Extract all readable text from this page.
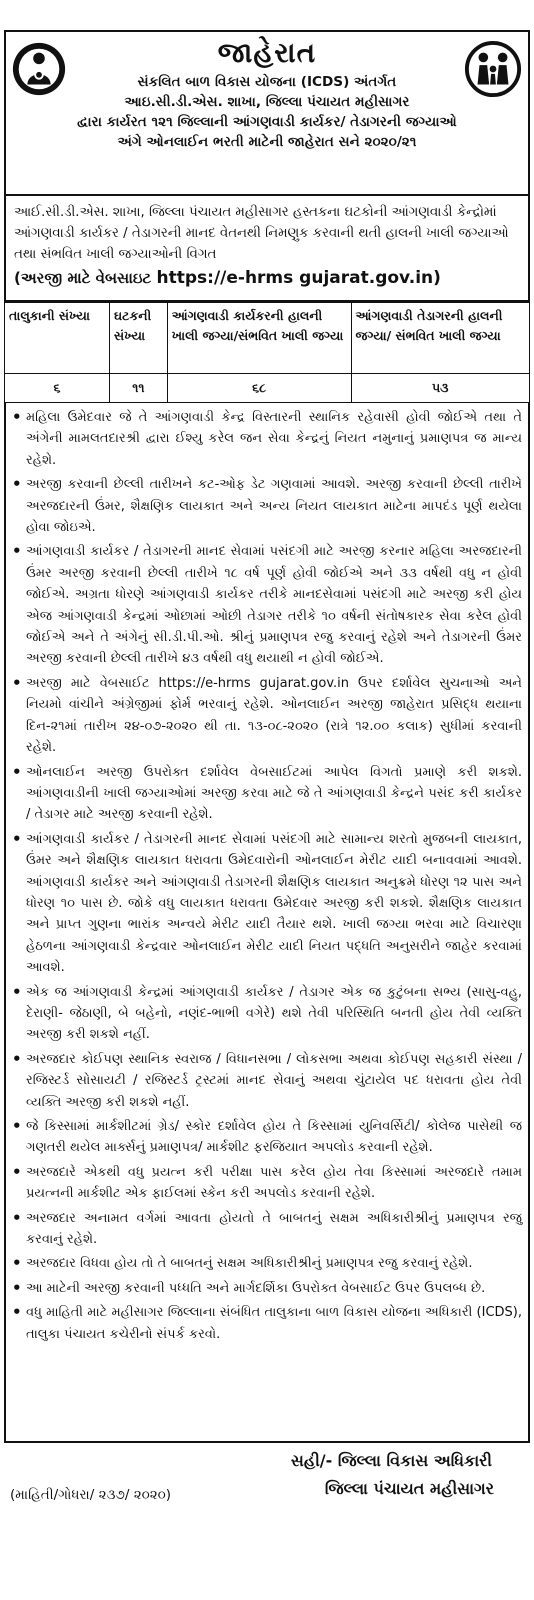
જાહેરાત
સંકલિત બાળ વિકાસ યોજના (ICDS) અંતર્ગત
આઇ.સી.ડી.એસ. શાખા, જિલ્લા પંચાયત મહીસાગર
દ્વારા કાર્યરત ૧૨૧ જિલ્લાની આંગણવાડી કાર્યકર/ તેડાગરની જગ્યાઓ
અંગે ઓનલાઈન ભરતી માટેની જાહેરાત સને ૨૦૨૦/૨૧
આઈ.સી.ડી.એસ. શાખા, જિલ્લા પંચાયત મહીસાગર હસ્તકના ઘટકોની આંગણવાડી કેન્દ્રોમાં આંગણવાડી કાર્યકર / તેડાગરની માનદ વેતનથી નિમણુક કરવાની થતી હાલની ખાલી જગ્યાઓ તથા સંભવિત ખાલી જગ્યાઓની વિગત
(અરજી માટે વેબસાઇટ https://e-hrms gujarat.gov.in)
તાલુકાની સંખ્યા	ઘટકની સંખ્યા	આંગણવાડી કાર્યકરની હાલની ખાલી જગ્યા/સંભવિત ખાલી જગ્યા	આંગણવાડી તેડાગરની હાલની જગ્યા/ સંભવિત ખાલી જગ્યા
૬	૧૧	૬૮	૫૩
• મહિલા ઉમેદવાર જે તે આંગણવાડી કેન્દ્ર વિસ્તારની સ્થાનિક રહેવાસી હોવી જોઈએ તથા તે અંગેની મામલતદારશ્રી દ્વારા ઈશ્યુ કરેલ જન સેવા કેન્દ્રનું નિયત નમુનાનું પ્રમાણપત્ર જ માન્ય રહેશે.
• અરજી કરવાની છેલ્લી તારીખને કટ-ઓફ ડેટ ગણવામાં આવશે. અરજી કરવાની છેલ્લી તારીખે અરજદારની ઉંમર, શૈક્ષણિક લાયકાત અને અન્ય નિયત લાયકાત માટેના માપદંડ પૂર્ણ થયેલા હોવા જોઇએ.
• આંગણવાડી કાર્યકર / તેડાગરની માનદ સેવામાં પસંદગી માટે અરજી કરનાર મહિલા અરજદારની ઉંમર અરજી કરવાની છેલ્લી તારીખે ૧૮ વર્ષ પૂર્ણ હોવી જોઈએ અને ૩૩ વર્ષથી વધુ ન હોવી જોઈએ. અગ્રતા ધોરણે આંગણવાડી કાર્યકર તરીકે માનદસેવામાં પસંદગી માટે અરજી કરી હોય એજ આંગણવાડી કેન્દ્રમાં ઓછામાં ઓછી તેડાગર તરીકે ૧૦ વર્ષની સંતોષકારક સેવા કરેલ હોવી જોઈએ અને તે અંગેનું સી.ડી.પી.ઓ. શ્રીનું પ્રમાણપત્ર રજુ કરવાનું રહેશે અને તેડાગરની ઉંમર અરજી કરવાની છેલ્લી તારીખે ૪૩ વર્ષથી વધુ થયાથી ન હોવી જોઈએ.
• અરજી માટે વેબસાઈટ https://e-hrms gujarat.gov.in ઉપર દર્શાવેલ સુચનાઓ અને નિયમો વાંચીને અંગ્રેજીમાં ફોર્મ ભરવાનું રહેશે. ઓનલાઈન અરજી જાહેરાત પ્રસિદ્ધ થયાના દિન-૨૧માં તારીખ ૨૪-૦૭-૨૦૨૦ થી તા. ૧૩-૦૮-૨૦૨૦ (રાત્રે ૧૨.૦૦ કલાક) સુધીમાં કરવાની રહેશે.
• ઓનલાઈન અરજી ઉપરોક્ત દર્શાવેલ વેબસાઈટમાં આપેલ વિગતો પ્રમાણે કરી શકશે. આંગણવાડીની ખાલી જગ્યાઓમાં અરજી કરવા માટે જે તે આંગણવાડી કેન્દ્રને પસંદ કરી કાર્યકર / તેડાગર માટે અરજી કરવાની રહેશે.
• આંગણવાડી કાર્યકર / તેડાગરની માનદ સેવામાં પસંદગી માટે સામાન્ય શરતો મુજબની લાયકાત, ઉંમર અને શૈક્ષણિક લાયકાત ધરાવતા ઉમેદવારોની ઓનલાઈન મેરીટ યાદી બનાવવામાં આવશે. આંગણવાડી કાર્યકર અને આંગણવાડી તેડાગરની શૈક્ષણિક લાયકાત અનુક્રમે ધોરણ ૧૨ પાસ અને ધોરણ ૧૦ પાસ છે. જોકે વધુ લાયકાત ધરાવતા ઉમેદવાર અરજી કરી શકશે. શૈક્ષણિક લાયકાત અને પ્રાપ્ત ગુણના ભારાંક અન્વયે મેરીટ યાદી તૈયાર થશે. ખાલી જગ્યા ભરવા માટે વિચારણા હેઠળના આંગણવાડી કેન્દ્રવાર ઓનલાઈન મેરીટ યાદી નિયત પદ્ધતિ અનુસરીને જાહેર કરવામાં આવશે.
• એક જ આંગણવાડી કેન્દ્રમાં આંગણવાડી કાર્યકર / તેડાગર એક જ કુટુંબના સભ્ય (સાસુ-વહુ, દેરાણી- જેઠાણી, બે બહેનો, નણંદ-ભાભી વગેરે) થશે તેવી પરિસ્થિતિ બનતી હોય તેવી વ્યક્તિ અરજી કરી શકશે નહીં.
• અરજદાર કોઈપણ સ્થાનિક સ્વરાજ / વિધાનસભા / લોકસભા અથવા કોઈપણ સહકારી સંસ્થા / રજિસ્ટર્ડ સોસાયટી / રજિસ્ટર્ડ ટ્રસ્ટમાં માનદ સેવાનું અથવા ચુંટાયેલ પદ ધરાવતા હોય તેવી વ્યક્તિ અરજી કરી શકશે નહીં.
• જે કિસ્સામાં માર્કશીટમાં ગ્રેડ/ સ્કોર દર્શાવેલ હોય તે કિસ્સામાં યુનિવર્સિટી/ કોલેજ પાસેથી જ ગણતરી થયેલ માર્ક્સનું પ્રમાણપત્ર/ માર્કશીટ ફરજિયાત અપલોડ કરવાની રહેશે.
• અરજદારે એકથી વધુ પ્રયત્ન કરી પરીક્ષા પાસ કરેલ હોય તેવા કિસ્સામાં અરજદારે તમામ પ્રયત્નની માર્કશીટ એક ફાઈલમાં સ્કેન કરી અપલોડ કરવાની રહેશે.
• અરજદાર અનામત વર્ગમાં આવતા હોયતો તે બાબતનું સક્ષમ અધિકારીશ્રીનું પ્રમાણપત્ર રજુ કરવાનું રહેશે.
• અરજદાર વિધવા હોય તો તે બાબતનું સક્ષમ અધિકારીશ્રીનું પ્રમાણપત્ર રજુ કરવાનું રહેશે.
• આ માટેની અરજી કરવાની પધ્ધતિ અને માર્ગદર્શિકા ઉપરોક્ત વેબસાઈટ ઉપર ઉપલબ્ધ છે.
• વધુ માહિતી માટે મહીસાગર જિલ્લાના સંબંધિત તાલુકાના બાળ વિકાસ યોજના અધિકારી (ICDS), તાલુકા પંચાયત કચેરીનો સંપર્ક કરવો.
સહી/- જિલ્લા વિકાસ અધિકારી
જિલ્લા પંચાયત મહીસાગર
(માહિતી/ગોધરા/ ૨૩૭/ ૨૦૨૦)
